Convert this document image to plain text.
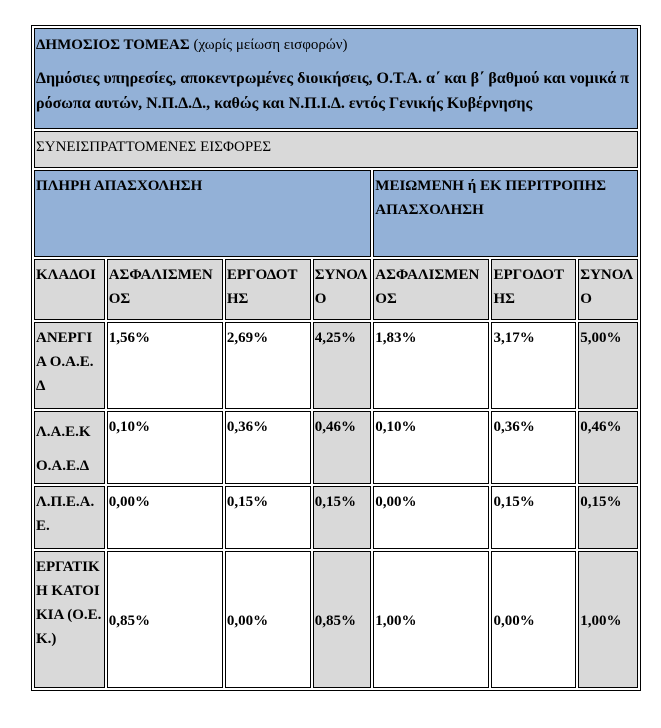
ΔΗΜΟΣΙΟΣ ΤΟΜΕΑΣ (χωρίς μείωση εισφορών)
Δημόσιες υπηρεσίες, αποκεντρωμένες διοικήσεις, Ο.Τ.Α. α΄ και β΄ βαθμού και νομικά πρόσωπα αυτών, Ν.Π.Δ.Δ., καθώς και Ν.Π.Ι.Δ. εντός Γενικής Κυβέρνησης						

ΣΥΝΕΙΣΠΡΑΤΤΟΜΕΝΕΣ ΕΙΣΦΟΡΕΣ						
ΠΛΗΡΗ ΑΠΑΣΧΟΛΗΣΗ				ΜΕΙΩΜΕΝΗ ή ΕΚ ΠΕΡΙΤΡΟΠΗΣ ΑΠΑΣΧΟΛΗΣΗ		
ΚΛΑΔΟΙ	ΑΣΦΑΛΙΣΜΕΝΟΣ	ΕΡΓΟΔΟΤΗΣ	ΣΥΝΟΛΟ	ΑΣΦΑΛΙΣΜΕΝΟΣ	ΕΡΓΟΔΟΤΗΣ	ΣΥΝΟΛΟ
ΑΝΕΡΓΙΑ Ο.Α.Ε.Δ	1,56%	2,69%	4,25%	1,83%	3,17%	5,00%
Λ.Α.Ε.Κ Ο.Α.Ε.Δ	0,10%	0,36%	0,46%	0,10%	0,36%	0,46%
Λ.Π.Ε.Α.Ε.	0,00%	0,15%	0,15%	0,00%	0,15%	0,15%
ΕΡΓΑΤΙΚΗ ΚΑΤΟΙΚΙΑ (Ο.Ε.Κ.)	0,85%	0,00%	0,85%	1,00%	0,00%	1,00%
